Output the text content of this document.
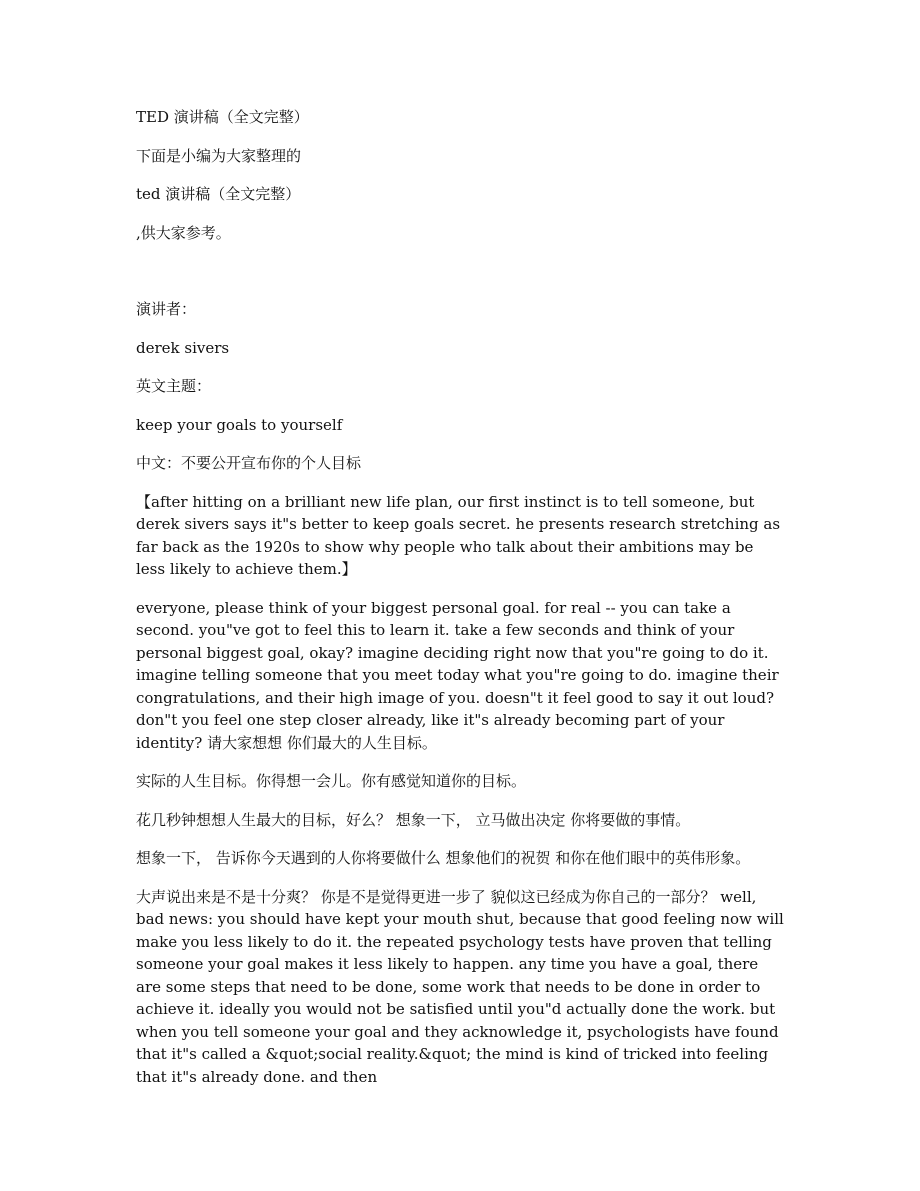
TED 演讲稿（全文完整）

下面是小编为大家整理的

ted 演讲稿（全文完整）

,供大家参考。

演讲者：

derek sivers

英文主题：

keep your goals to yourself

中文：不要公开宣布你的个人目标

【after hitting on a brilliant new life plan, our first instinct is to tell someone, but derek sivers says it"s better to keep goals secret. he presents research stretching as far back as the 1920s to show why people who talk about their ambitions may be less likely to achieve them.】

everyone, please think of your biggest personal goal. for real -- you can take a second. you"ve got to feel this to learn it. take a few seconds and think of your personal biggest goal, okay? imagine deciding right now that you"re going to do it. imagine telling someone that you meet today what you"re going to do. imagine their congratulations, and their high image of you. doesn"t it feel good to say it out loud? don"t you feel one step closer already, like it"s already becoming part of your identity? 请大家想想 你们最大的人生目标。

实际的人生目标。你得想一会儿。你有感觉知道你的目标。

花几秒钟想想人生最大的目标，好么？ 想象一下， 立马做出决定 你将要做的事情。

想象一下， 告诉你今天遇到的人你将要做什么 想象他们的祝贺 和你在他们眼中的英伟形象。

大声说出来是不是十分爽？ 你是不是觉得更进一步了 貌似这已经成为你自己的一部分？ well, bad news: you should have kept your mouth shut, because that good feeling now will make you less likely to do it. the repeated psychology tests have proven that telling someone your goal makes it less likely to happen. any time you have a goal, there are some steps that need to be done, some work that needs to be done in order to achieve it. ideally you would not be satisfied until you"d actually done the work. but when you tell someone your goal and they acknowledge it, psychologists have found that it"s called a &quot;social reality.&quot; the mind is kind of tricked into feeling that it"s already done. and then
